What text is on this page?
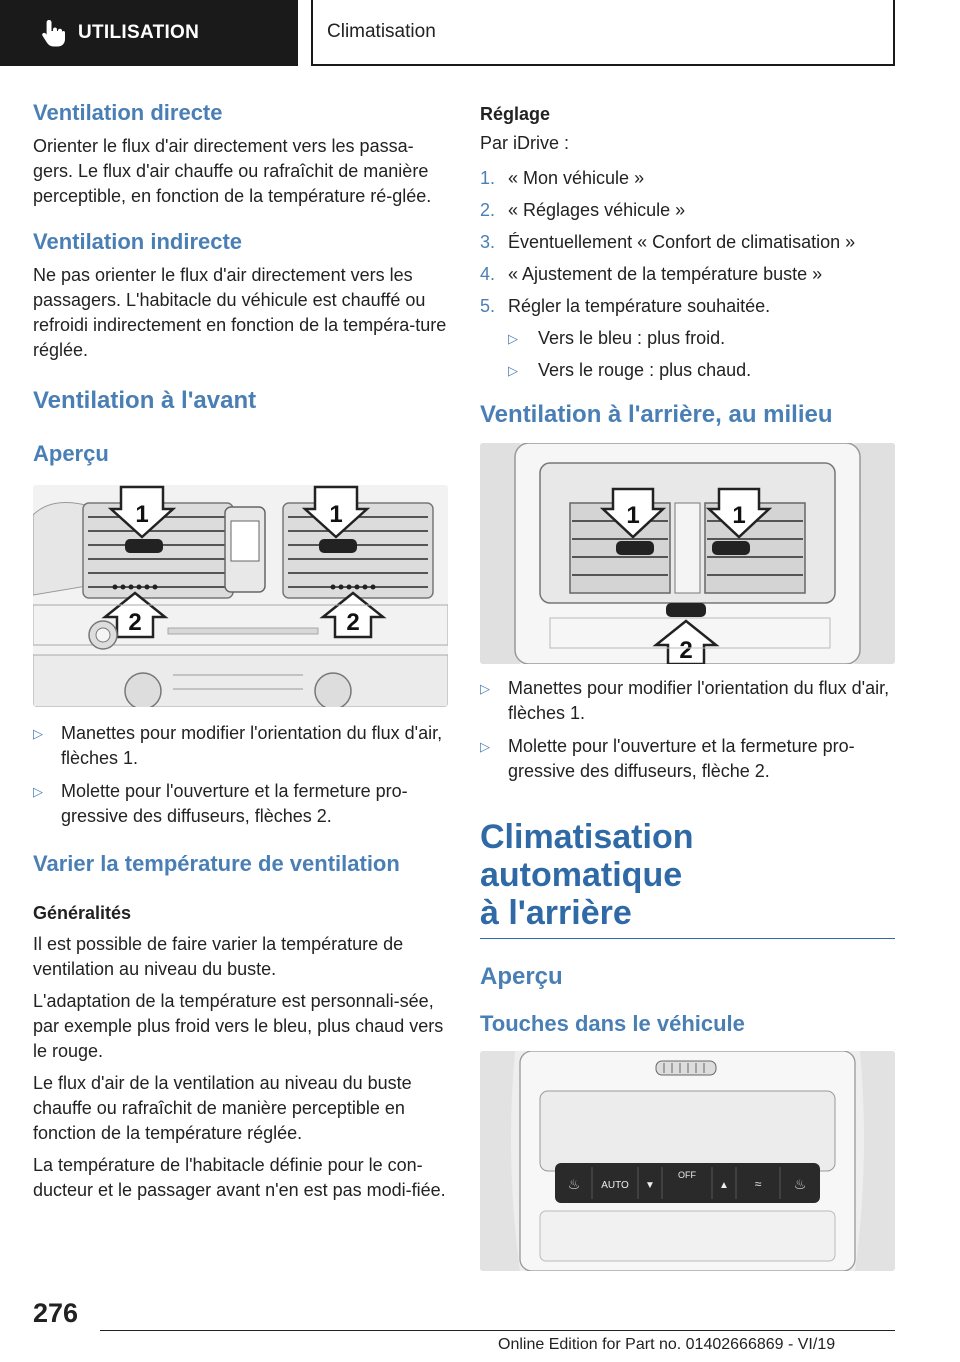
UTILISATION	Climatisation
Ventilation directe

Orienter le flux d'air directement vers les passa-gers. Le flux d'air chauffe ou rafraîchit de manière perceptible, en fonction de la température ré-glée.

Ventilation indirecte

Ne pas orienter le flux d'air directement vers les passagers. L'habitacle du véhicule est chauffé ou refroidi indirectement en fonction de la tempéra-ture réglée.

Ventilation à l'avant
Aperçu
1	1
2	2
▷ Manettes pour modifier l'orientation du flux d'air, flèches 1.
▷ Molette pour l'ouverture et la fermeture pro-gressive des diffuseurs, flèches 2.
Varier la température de ventilation
Généralités

Il est possible de faire varier la température de ventilation au niveau du buste.

L'adaptation de la température est personnali-sée, par exemple plus froid vers le bleu, plus chaud vers le rouge.

Le flux d'air de la ventilation au niveau du buste chauffe ou rafraîchit de manière perceptible en fonction de la température réglée.

La température de l'habitacle définie pour le con-ducteur et le passager avant n'en est pas modi-fiée.

Réglage

Par iDrive :

1. « Mon véhicule »
2. « Réglages véhicule »
3. Éventuellement « Confort de climatisation »
4. « Ajustement de la température buste »
5. Régler la température souhaitée.
▷ Vers le bleu : plus froid.
▷ Vers le rouge : plus chaud.
Ventilation à l'arrière, au milieu
1	1
2
▷ Manettes pour modifier l'orientation du flux d'air, flèches 1.
▷ Molette pour l'ouverture et la fermeture pro-gressive des diffuseurs, flèche 2.
Climatisation automatique
à l'arrière
Aperçu
Touches dans le véhicule
♨ AUTO ▼
OFF
▲ ≈ ♨
276
Online Edition for Part no. 01402666869 - VI/19
